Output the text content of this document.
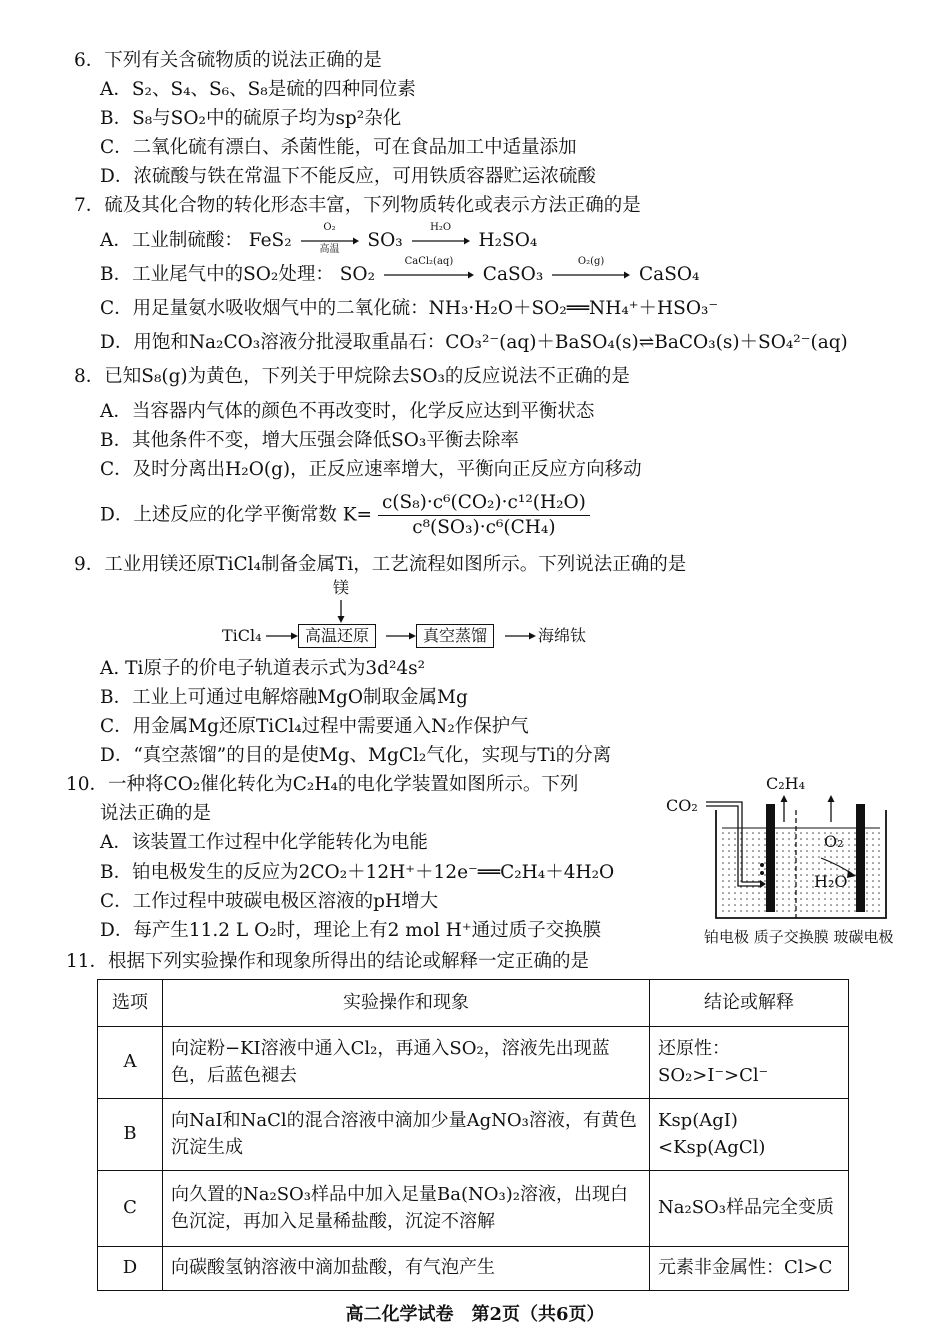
6．下列有关含硫物质的说法正确的是
A．S₂、S₄、S₆、S₈是硫的四种同位素
B．S₈与SO₂中的硫原子均为sp²杂化
C．二氧化硫有漂白、杀菌性能，可在食品加工中适量添加
D．浓硫酸与铁在常温下不能反应，可用铁质容器贮运浓硫酸
7．硫及其化合物的转化形态丰富，下列物质转化或表示方法正确的是
A．工业制硫酸： FeS₂
O₂
高温	SO₃
H₂O
H₂SO₄
B．工业尾气中的SO₂处理： SO₂
CaCl₂(aq)
CaSO₃
O₂(g)
CaSO₄
C．用足量氨水吸收烟气中的二氧化硫：NH₃·H₂O＋SO₂══NH₄⁺＋HSO₃⁻
D．用饱和Na₂CO₃溶液分批浸取重晶石：CO₃²⁻(aq)＋BaSO₄(s)⇌BaCO₃(s)＋SO₄²⁻(aq)
8．已知S₈(g)为黄色，下列关于甲烷除去SO₃的反应说法不正确的是
A．当容器内气体的颜色不再改变时，化学反应达到平衡状态
B．其他条件不变，增大压强会降低SO₃平衡去除率
C．及时分离出H₂O(g)，正反应速率增大，平衡向正反应方向移动
D．上述反应的化学平衡常数 $K= \frac{\text{c(S₈)·c⁶(CO₂)·c¹²(H₂O)}}{\text{c⁸(SO₃)·c⁶(CH₄)}}$
9．工业用镁还原TiCl₄制备金属Ti，工艺流程如图所示。下列说法正确的是
镁
TiCl₄	高温还原	真空蒸馏	海绵钛
A. Ti原子的价电子轨道表示式为3d²4s²
B．工业上可通过电解熔融MgO制取金属Mg
C．用金属Mg还原TiCl₄过程中需要通入N₂作保护气
D．“真空蒸馏”的目的是使Mg、MgCl₂气化，实现与Ti的分离
10．一种将CO₂催化转化为C₂H₄的电化学装置如图所示。下列
说法正确的是
A．该装置工作过程中化学能转化为电能
B．铂电极发生的反应为2CO₂＋12H⁺＋12e⁻══C₂H₄＋4H₂O
C．工作过程中玻碳电极区溶液的pH增大
D．每产生11.2 L O₂时，理论上有2 mol H⁺通过质子交换膜
CO₂
C₂H₄
O₂
H₂O
铂电极 质子交换膜 玻碳电极
11．根据下列实验操作和现象所得出的结论或解释一定正确的是
选项	实验操作和现象	结论或解释
A	向淀粉−KI溶液中通入Cl₂，再通入SO₂，溶液先出现蓝色，后蓝色褪去	还原性：SO₂>I⁻>Cl⁻
B	向NaI和NaCl的混合溶液中滴加少量AgNO₃溶液，有黄色沉淀生成	Ksp(AgI)<Ksp(AgCl)
C	向久置的Na₂SO₃样品中加入足量Ba(NO₃)₂溶液，出现白色沉淀，再加入足量稀盐酸，沉淀不溶解	Na₂SO₃样品完全变质
D	向碳酸氢钠溶液中滴加盐酸，有气泡产生	元素非金属性：Cl>C
高二化学试卷　第2页（共6页）
